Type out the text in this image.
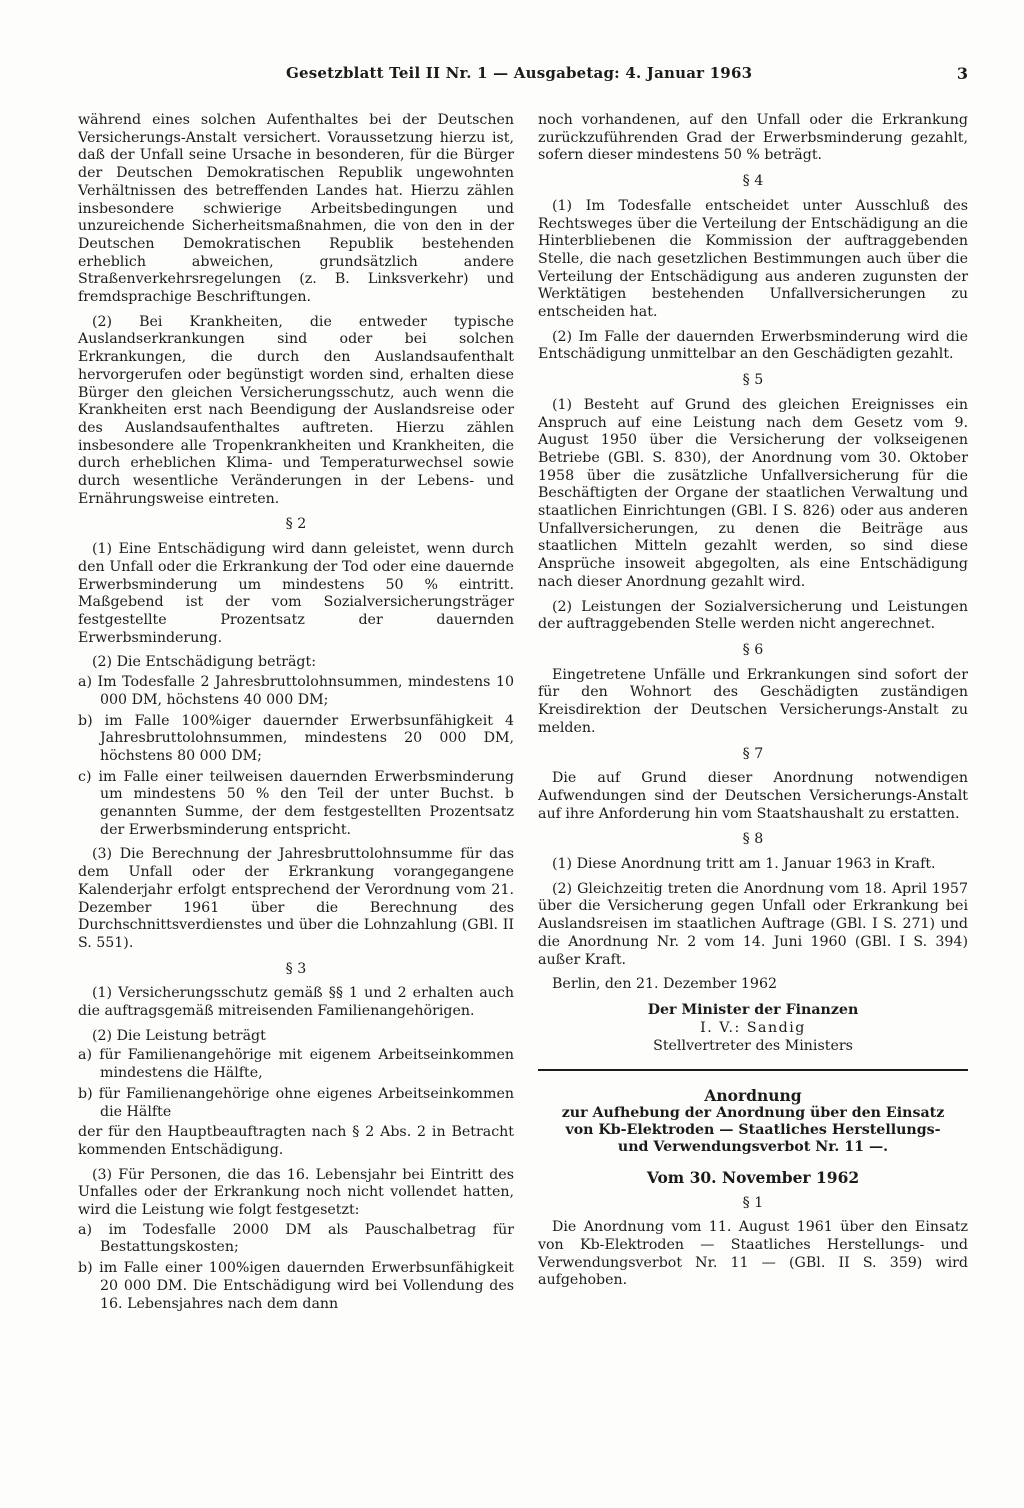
Gesetzblatt Teil II Nr. 1 — Ausgabetag: 4. Januar 1963	3

während eines solchen Aufenthaltes bei der Deutschen Versicherungs-Anstalt versichert. Voraussetzung hierzu ist, daß der Unfall seine Ursache in besonderen, für die Bürger der Deutschen Demokratischen Republik ungewohnten Verhältnissen des betreffenden Landes hat. Hierzu zählen insbesondere schwierige Arbeitsbedingungen und unzureichende Sicherheitsmaßnahmen, die von den in der Deutschen Demokratischen Republik bestehenden erheblich abweichen, grundsätzlich andere Straßenverkehrsregelungen (z. B. Linksverkehr) und fremdsprachige Beschriftungen.

(2) Bei Krankheiten, die entweder typische Auslandserkrankungen sind oder bei solchen Erkrankungen, die durch den Auslandsaufenthalt hervorgerufen oder begünstigt worden sind, erhalten diese Bürger den gleichen Versicherungsschutz, auch wenn die Krankheiten erst nach Beendigung der Auslandsreise oder des Auslandsaufenthaltes auftreten. Hierzu zählen insbesondere alle Tropenkrankheiten und Krankheiten, die durch erheblichen Klima- und Temperaturwechsel sowie durch wesentliche Veränderungen in der Lebens- und Ernährungsweise eintreten.

§ 2

(1) Eine Entschädigung wird dann geleistet, wenn durch den Unfall oder die Erkrankung der Tod oder eine dauernde Erwerbsminderung um mindestens 50 % eintritt. Maßgebend ist der vom Sozialversicherungsträger festgestellte Prozentsatz der dauernden Erwerbsminderung.

(2) Die Entschädigung beträgt:

a) Im Todesfalle 2 Jahresbruttolohnsummen, mindestens 10 000 DM, höchstens 40 000 DM;

b) im Falle 100%iger dauernder Erwerbsunfähigkeit 4 Jahresbruttolohnsummen, mindestens 20 000 DM, höchstens 80 000 DM;

c) im Falle einer teilweisen dauernden Erwerbsminderung um mindestens 50 % den Teil der unter Buchst. b genannten Summe, der dem festgestellten Prozentsatz der Erwerbsminderung entspricht.

(3) Die Berechnung der Jahresbruttolohnsumme für das dem Unfall oder der Erkrankung vorangegangene Kalenderjahr erfolgt entsprechend der Verordnung vom 21. Dezember 1961 über die Berechnung des Durchschnittsverdienstes und über die Lohnzahlung (GBl. II S. 551).

§ 3

(1) Versicherungsschutz gemäß §§ 1 und 2 erhalten auch die auftragsgemäß mitreisenden Familienangehörigen.

(2) Die Leistung beträgt

a) für Familienangehörige mit eigenem Arbeitseinkommen mindestens die Hälfte,

b) für Familienangehörige ohne eigenes Arbeitseinkommen die Hälfte

der für den Hauptbeauftragten nach § 2 Abs. 2 in Betracht kommenden Entschädigung.

(3) Für Personen, die das 16. Lebensjahr bei Eintritt des Unfalles oder der Erkrankung noch nicht vollendet hatten, wird die Leistung wie folgt festgesetzt:

a) im Todesfalle 2000 DM als Pauschalbetrag für Bestattungskosten;

b) im Falle einer 100%igen dauernden Erwerbsunfähigkeit 20 000 DM. Die Entschädigung wird bei Vollendung des 16. Lebensjahres nach dem dann

noch vorhandenen, auf den Unfall oder die Erkrankung zurückzuführenden Grad der Erwerbsminderung gezahlt, sofern dieser mindestens 50 % beträgt.

§ 4

(1) Im Todesfalle entscheidet unter Ausschluß des Rechtsweges über die Verteilung der Entschädigung an die Hinterbliebenen die Kommission der auftraggebenden Stelle, die nach gesetzlichen Bestimmungen auch über die Verteilung der Entschädigung aus anderen zugunsten der Werktätigen bestehenden Unfallversicherungen zu entscheiden hat.

(2) Im Falle der dauernden Erwerbsminderung wird die Entschädigung unmittelbar an den Geschädigten gezahlt.

§ 5

(1) Besteht auf Grund des gleichen Ereignisses ein Anspruch auf eine Leistung nach dem Gesetz vom 9. August 1950 über die Versicherung der volkseigenen Betriebe (GBl. S. 830), der Anordnung vom 30. Oktober 1958 über die zusätzliche Unfallversicherung für die Beschäftigten der Organe der staatlichen Verwaltung und staatlichen Einrichtungen (GBl. I S. 826) oder aus anderen Unfallversicherungen, zu denen die Beiträge aus staatlichen Mitteln gezahlt werden, so sind diese Ansprüche insoweit abgegolten, als eine Entschädigung nach dieser Anordnung gezahlt wird.

(2) Leistungen der Sozialversicherung und Leistungen der auftraggebenden Stelle werden nicht angerechnet.

§ 6

Eingetretene Unfälle und Erkrankungen sind sofort der für den Wohnort des Geschädigten zuständigen Kreisdirektion der Deutschen Versicherungs-Anstalt zu melden.

§ 7

Die auf Grund dieser Anordnung notwendigen Aufwendungen sind der Deutschen Versicherungs-Anstalt auf ihre Anforderung hin vom Staatshaushalt zu erstatten.

§ 8

(1) Diese Anordnung tritt am 1. Januar 1963 in Kraft.

(2) Gleichzeitig treten die Anordnung vom 18. April 1957 über die Versicherung gegen Unfall oder Erkrankung bei Auslandsreisen im staatlichen Auftrage (GBl. I S. 271) und die Anordnung Nr. 2 vom 14. Juni 1960 (GBl. I S. 394) außer Kraft.

Berlin, den 21. Dezember 1962

Der Minister der Finanzen

I. V.: Sandig

Stellvertreter des Ministers

Anordnung

zur Aufhebung der Anordnung über den Einsatz

von Kb-Elektroden — Staatliches Herstellungs-

und Verwendungsverbot Nr. 11 —.

Vom 30. November 1962

§ 1

Die Anordnung vom 11. August 1961 über den Einsatz von Kb-Elektroden — Staatliches Herstellungs- und Verwendungsverbot Nr. 11 — (GBl. II S. 359) wird aufgehoben.
